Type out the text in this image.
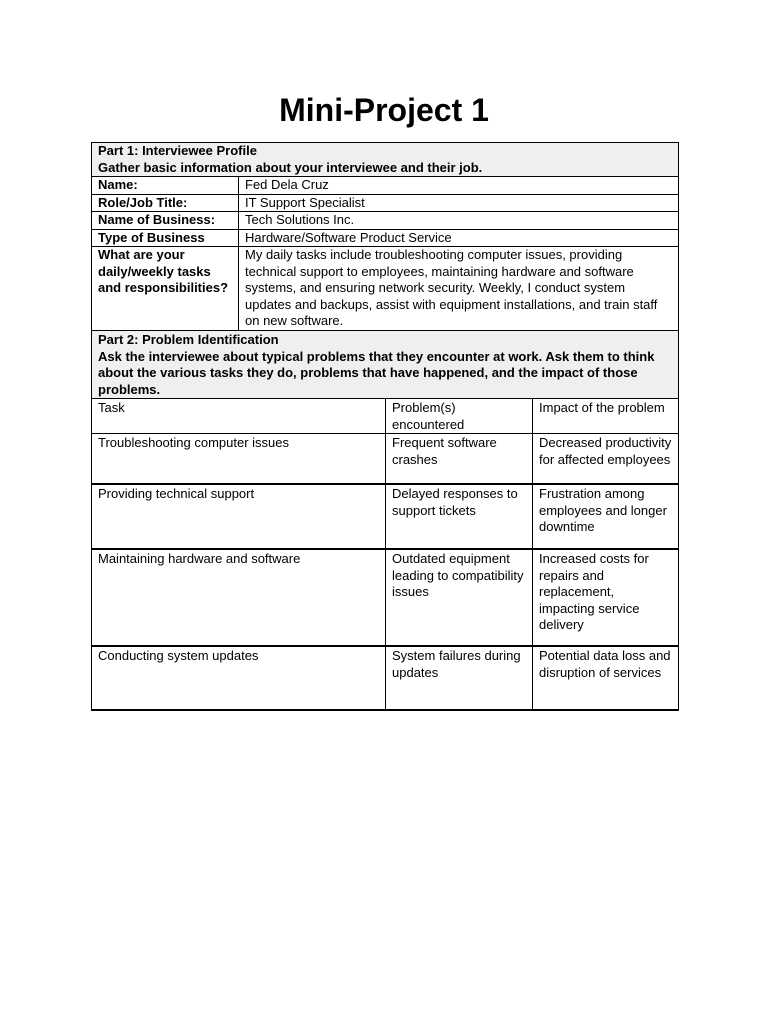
Mini-Project 1
Part 1: Interviewee Profile
Gather basic information about your interviewee and their job.	

Name:	Fed Dela Cruz
Role/Job Title:	IT Support Specialist
Name of Business:	Tech Solutions Inc.
Type of Business	Hardware/Software Product Service
What are your daily/weekly tasks and responsibilities?	My daily tasks include troubleshooting computer issues, providing technical support to employees, maintaining hardware and software systems, and ensuring network security. Weekly, I conduct system updates and backups, assist with equipment installations, and train staff on new software.
Part 2: Problem Identification
Ask the interviewee about typical problems that they encounter at work. Ask them to think about the various tasks they do, problems that have happened, and the impact of those problems.		

Task	Problem(s) encountered	Impact of the problem
Troubleshooting computer issues	Frequent software crashes	Decreased productivity for affected employees
Providing technical support	Delayed responses to support tickets	Frustration among employees and longer downtime
Maintaining hardware and software	Outdated equipment leading to compatibility issues	Increased costs for repairs and replacement, impacting service delivery
Conducting system updates	System failures during updates	Potential data loss and disruption of services
